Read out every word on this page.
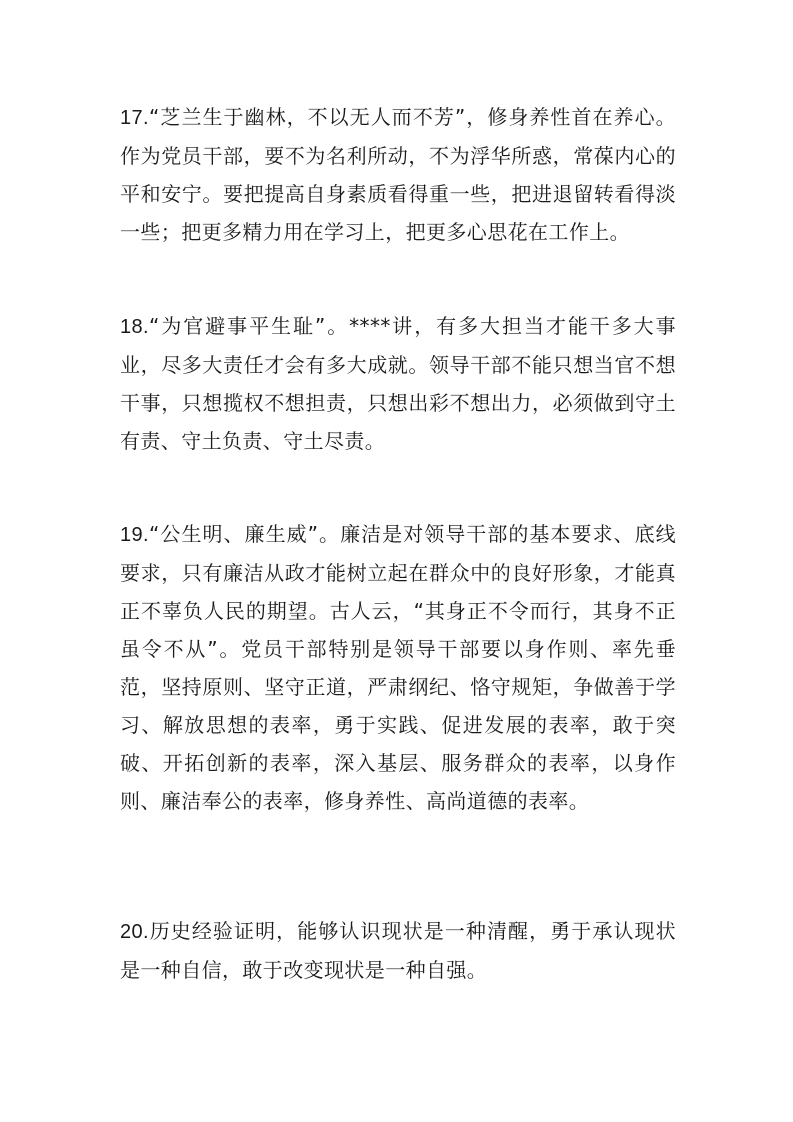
17.“芝兰生于幽林，不以无人而不芳”，修身养性首在养心。作为党员干部，要不为名利所动，不为浮华所惑，常葆内心的平和安宁。要把提高自身素质看得重一些，把进退留转看得淡一些；把更多精力用在学习上，把更多心思花在工作上。

18.“为官避事平生耻”。****讲，有多大担当才能干多大事业，尽多大责任才会有多大成就。领导干部不能只想当官不想干事，只想揽权不想担责，只想出彩不想出力，必须做到守土有责、守土负责、守土尽责。

19.“公生明、廉生威”。廉洁是对领导干部的基本要求、底线要求，只有廉洁从政才能树立起在群众中的良好形象，才能真正不辜负人民的期望。古人云，“其身正不令而行，其身不正虽令不从”。党员干部特别是领导干部要以身作则、率先垂范，坚持原则、坚守正道，严肃纲纪、恪守规矩，争做善于学习、解放思想的表率，勇于实践、促进发展的表率，敢于突破、开拓创新的表率，深入基层、服务群众的表率，以身作则、廉洁奉公的表率，修身养性、高尚道德的表率。

20.历史经验证明，能够认识现状是一种清醒，勇于承认现状是一种自信，敢于改变现状是一种自强。
